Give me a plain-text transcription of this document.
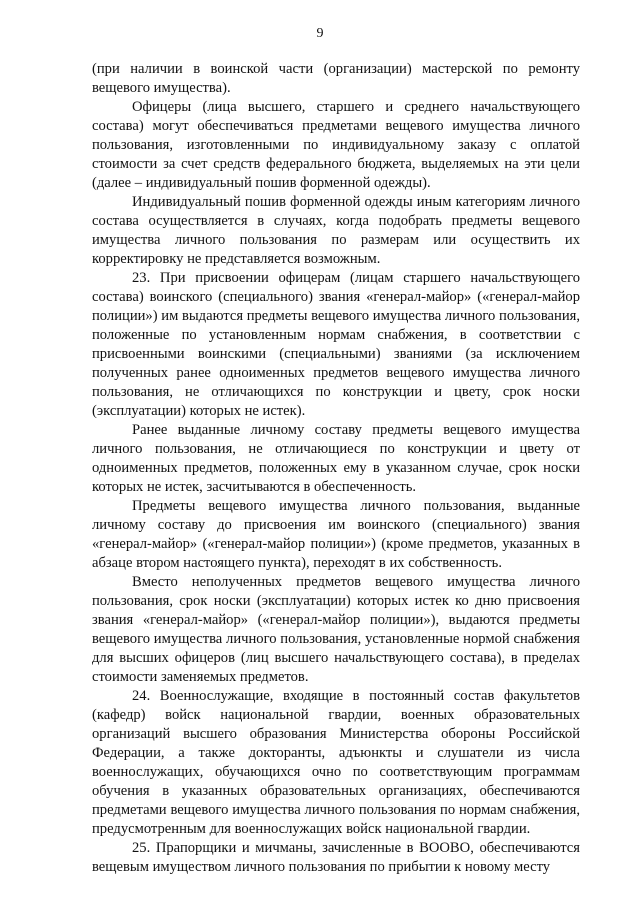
9

(при наличии в воинской части (организации) мастерской по ремонту вещевого имущества).

Офицеры (лица высшего, старшего и среднего начальствующего состава) могут обеспечиваться предметами вещевого имущества личного пользования, изготовленными по индивидуальному заказу с оплатой стоимости за счет средств федерального бюджета, выделяемых на эти цели (далее – индивидуальный пошив форменной одежды).

Индивидуальный пошив форменной одежды иным категориям личного состава осуществляется в случаях, когда подобрать предметы вещевого имущества личного пользования по размерам или осуществить их корректировку не представляется возможным.

23. При присвоении офицерам (лицам старшего начальствующего состава) воинского (специального) звания «генерал-майор» («генерал-майор полиции») им выдаются предметы вещевого имущества личного пользования, положенные по установленным нормам снабжения, в соответствии с присвоенными воинскими (специальными) званиями (за исключением полученных ранее одноименных предметов вещевого имущества личного пользования, не отличающихся по конструкции и цвету, срок носки (эксплуатации) которых не истек).

Ранее выданные личному составу предметы вещевого имущества личного пользования, не отличающиеся по конструкции и цвету от одноименных предметов, положенных ему в указанном случае, срок носки которых не истек, засчитываются в обеспеченность.

Предметы вещевого имущества личного пользования, выданные личному составу до присвоения им воинского (специального) звания «генерал-майор» («генерал-майор полиции») (кроме предметов, указанных в абзаце втором настоящего пункта), переходят в их собственность.

Вместо неполученных предметов вещевого имущества личного пользования, срок носки (эксплуатации) которых истек ко дню присвоения звания «генерал-майор» («генерал-майор полиции»), выдаются предметы вещевого имущества личного пользования, установленные нормой снабжения для высших офицеров (лиц высшего начальствующего состава), в пределах стоимости заменяемых предметов.

24. Военнослужащие, входящие в постоянный состав факультетов (кафедр) войск национальной гвардии, военных образовательных организаций высшего образования Министерства обороны Российской Федерации, а также докторанты, адъюнкты и слушатели из числа военнослужащих, обучающихся очно по соответствующим программам обучения в указанных образовательных организациях, обеспечиваются предметами вещевого имущества личного пользования по нормам снабжения, предусмотренным для военнослужащих войск национальной гвардии.

25. Прапорщики и мичманы, зачисленные в ВООВО, обеспечиваются вещевым имуществом личного пользования по прибытии к новому месту
